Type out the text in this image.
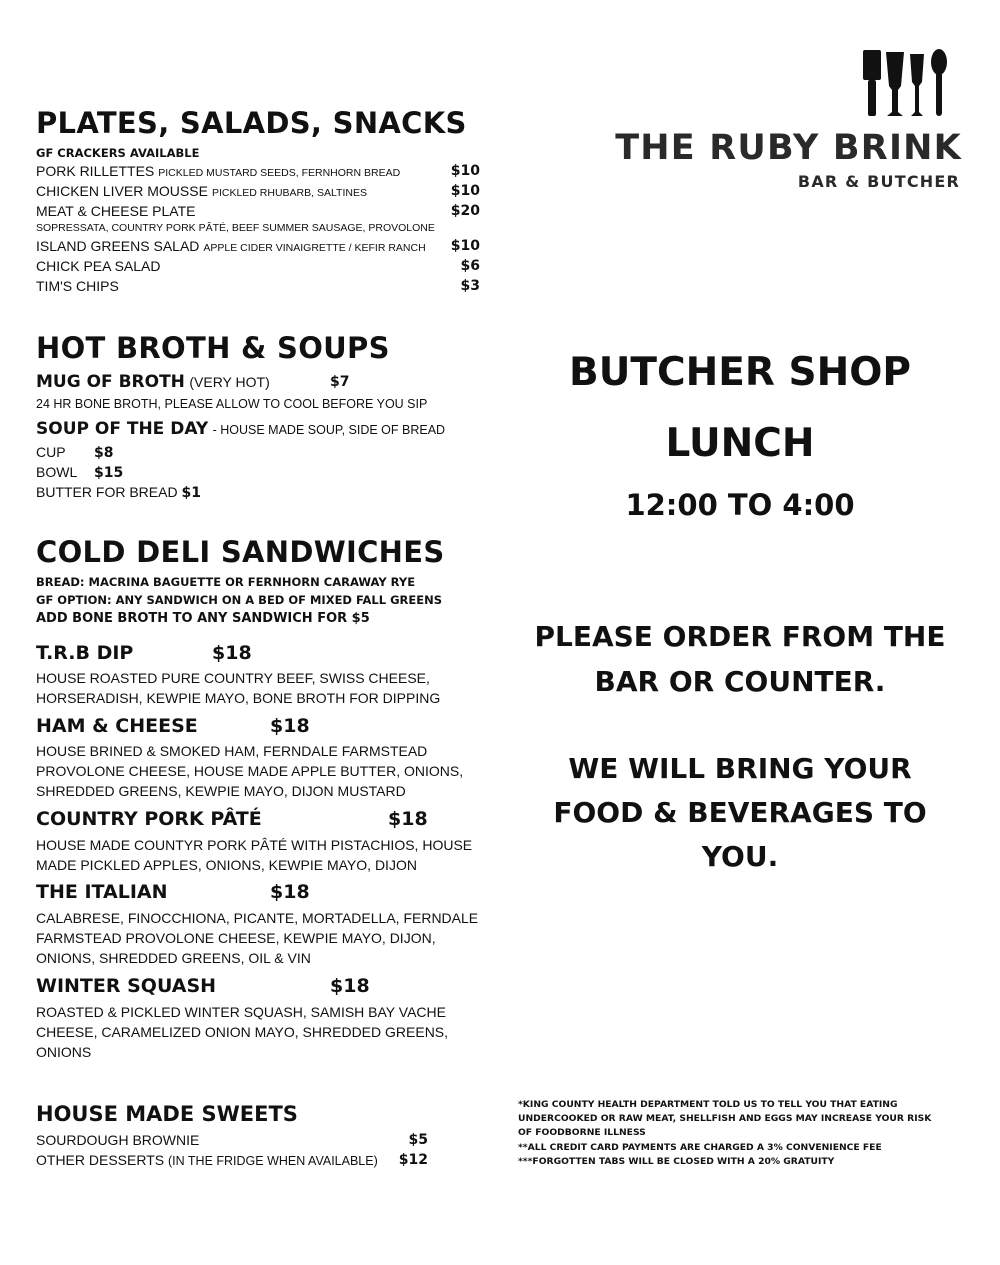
THE RUBY BRINK
BAR & BUTCHER
PLATES, SALADS, SNACKS
GF CRACKERS AVAILABLE
PORK RILLETTES PICKLED MUSTARD SEEDS, FERNHORN BREAD	$10
CHICKEN LIVER MOUSSE PICKLED RHUBARB, SALTINES	$10
MEAT & CHEESE PLATE	$20
SOPRESSATA, COUNTRY PORK PÂTÉ, BEEF SUMMER SAUSAGE, PROVOLONE
ISLAND GREENS SALAD APPLE CIDER VINAIGRETTE / KEFIR RANCH $10
CHICK PEA SALAD	$6
TIM'S CHIPS	$3
HOT BROTH & SOUPS
MUG OF BROTH (VERY HOT)	$7
24 HR BONE BROTH, PLEASE ALLOW TO COOL BEFORE YOU SIP
SOUP OF THE DAY - HOUSE MADE SOUP, SIDE OF BREAD
CUP $8
BOWL $15
BUTTER FOR BREAD $1
COLD DELI SANDWICHES
BREAD: MACRINA BAGUETTE OR FERNHORN CARAWAY RYE
GF OPTION: ANY SANDWICH ON A BED OF MIXED FALL GREENS
ADD BONE BROTH TO ANY SANDWICH FOR $5
T.R.B DIP	$18
HOUSE ROASTED PURE COUNTRY BEEF, SWISS CHEESE, HORSERADISH, KEWPIE MAYO, BONE BROTH FOR DIPPING
HAM & CHEESE	$18
HOUSE BRINED & SMOKED HAM, FERNDALE FARMSTEAD PROVOLONE CHEESE, HOUSE MADE APPLE BUTTER, ONIONS, SHREDDED GREENS, KEWPIE MAYO, DIJON MUSTARD
COUNTRY PORK PÂTÉ	$18
HOUSE MADE COUNTYR PORK PÂTÉ WITH PISTACHIOS, HOUSE MADE PICKLED APPLES, ONIONS, KEWPIE MAYO, DIJON
THE ITALIAN	$18
CALABRESE, FINOCCHIONA, PICANTE, MORTADELLA, FERNDALE FARMSTEAD PROVOLONE CHEESE, KEWPIE MAYO, DIJON, ONIONS, SHREDDED GREENS, OIL & VIN
WINTER SQUASH	$18
ROASTED & PICKLED WINTER SQUASH, SAMISH BAY VACHE CHEESE, CARAMELIZED ONION MAYO, SHREDDED GREENS, ONIONS
HOUSE MADE SWEETS
SOURDOUGH BROWNIE	$5
OTHER DESSERTS (IN THE FRIDGE WHEN AVAILABLE) $12
BUTCHER SHOP
LUNCH
12:00 TO 4:00
PLEASE ORDER FROM THE
BAR OR COUNTER.
WE WILL BRING YOUR
FOOD & BEVERAGES TO
YOU.
*KING COUNTY HEALTH DEPARTMENT TOLD US TO TELL YOU THAT EATING
UNDERCOOKED OR RAW MEAT, SHELLFISH AND EGGS MAY INCREASE YOUR RISK
OF FOODBORNE ILLNESS
**ALL CREDIT CARD PAYMENTS ARE CHARGED A 3% CONVENIENCE FEE
***FORGOTTEN TABS WILL BE CLOSED WITH A 20% GRATUITY
